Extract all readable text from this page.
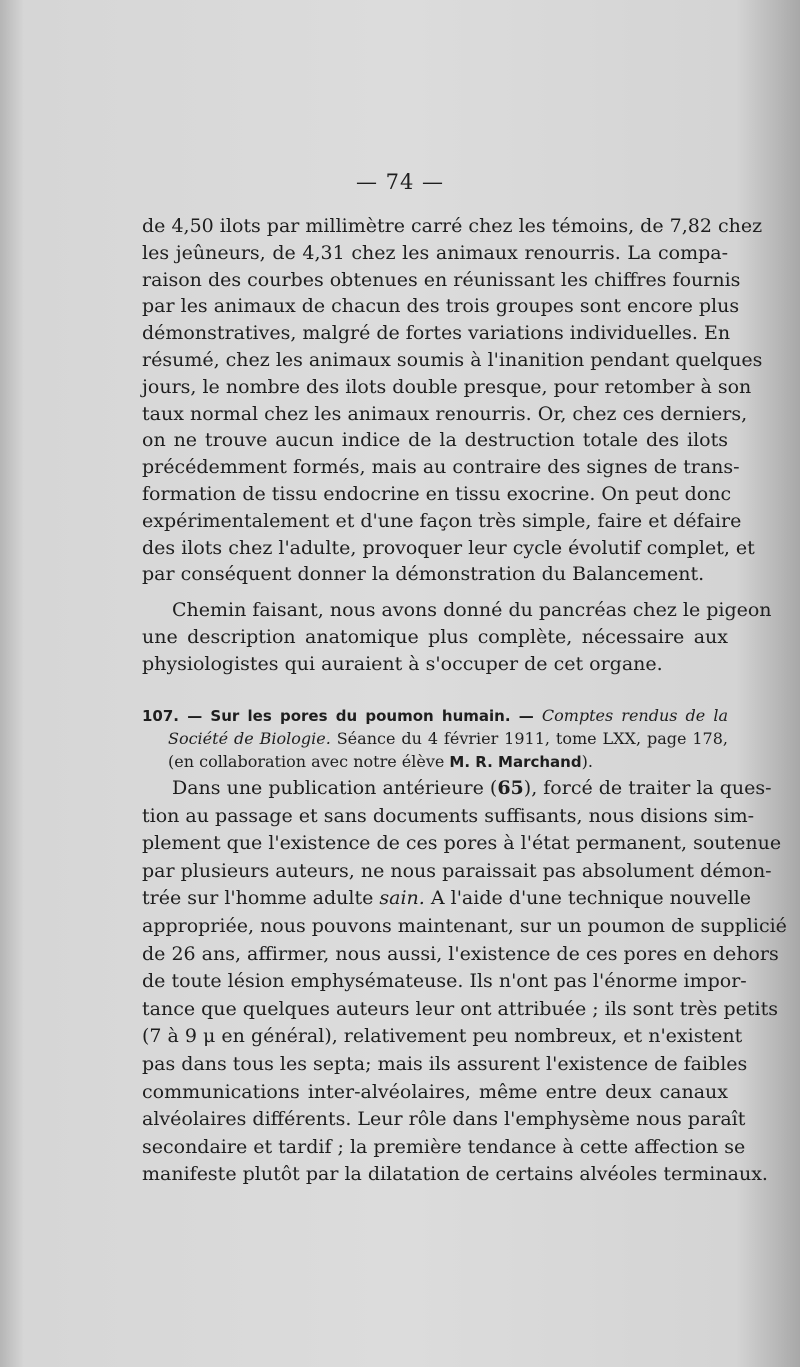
— 74 —
de 4,50 ilots par millimètre carré chez les témoins, de 7,82 chez
les jeûneurs, de 4,31 chez les animaux renourris. La compa-
raison des courbes obtenues en réunissant les chiffres fournis
par les animaux de chacun des trois groupes sont encore plus
démonstratives, malgré de fortes variations individuelles. En
résumé, chez les animaux soumis à l'inanition pendant quelques
jours, le nombre des ilots double presque, pour retomber à son
taux normal chez les animaux renourris. Or, chez ces derniers,
on ne trouve aucun indice de la destruction totale des ilots
précédemment formés, mais au contraire des signes de trans-
formation de tissu endocrine en tissu exocrine. On peut donc
expérimentalement et d'une façon très simple, faire et défaire
des ilots chez l'adulte, provoquer leur cycle évolutif complet, et
par conséquent donner la démonstration du Balancement.
Chemin faisant, nous avons donné du pancréas chez le pigeon
une description anatomique plus complète, nécessaire aux
physiologistes qui auraient à s'occuper de cet organe.
107. — Sur les pores du poumon humain. — Comptes rendus de la
Société de Biologie. Séance du 4 février 1911, tome LXX, page 178,
(en collaboration avec notre élève M. R. Marchand).
Dans une publication antérieure (65), forcé de traiter la ques-
tion au passage et sans documents suffisants, nous disions sim-
plement que l'existence de ces pores à l'état permanent, soutenue
par plusieurs auteurs, ne nous paraissait pas absolument démon-
trée sur l'homme adulte sain. A l'aide d'une technique nouvelle
appropriée, nous pouvons maintenant, sur un poumon de supplicié
de 26 ans, affirmer, nous aussi, l'existence de ces pores en dehors
de toute lésion emphysémateuse. Ils n'ont pas l'énorme impor-
tance que quelques auteurs leur ont attribuée ; ils sont très petits
(7 à 9 μ en général), relativement peu nombreux, et n'existent
pas dans tous les septa; mais ils assurent l'existence de faibles
communications inter-alvéolaires, même entre deux canaux
alvéolaires différents. Leur rôle dans l'emphysème nous paraît
secondaire et tardif ; la première tendance à cette affection se
manifeste plutôt par la dilatation de certains alvéoles terminaux.
